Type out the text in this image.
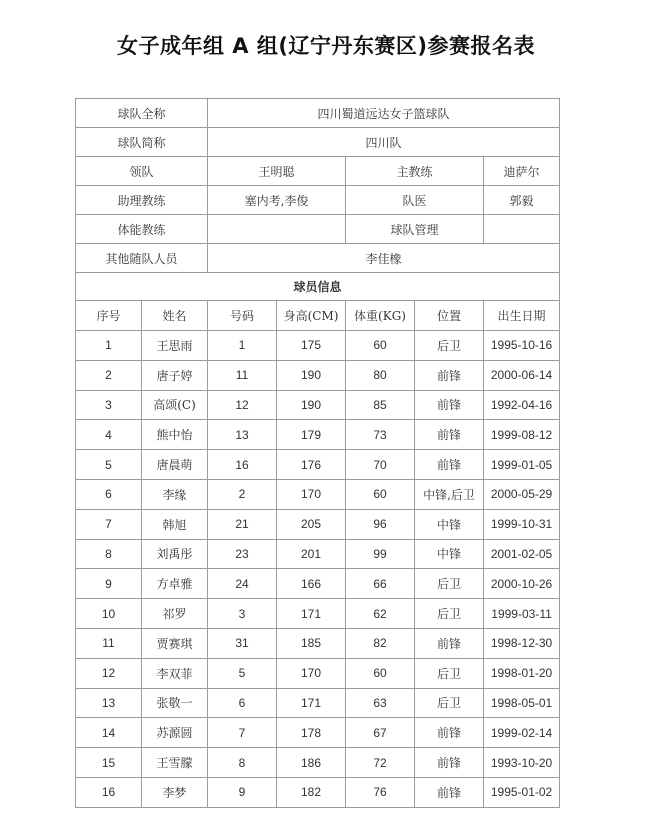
女子成年组 A 组(辽宁丹东赛区)参赛报名表
球队全称		四川蜀道远达女子篮球队				
球队简称		四川队				
领队		王明聪		主教练		迪萨尔
助理教练		塞内考,李俊		队医		郭毅
体能教练				球队管理		
其他随队人员		李佳橡				
球员信息						
序号	姓名	号码	身高(CM)	体重(KG)	位置	出生日期
1	王思雨	1	175	60	后卫	1995-10-16
2	唐子婷	11	190	80	前锋	2000-06-14
3	高颂(C)	12	190	85	前锋	1992-04-16
4	熊中怡	13	179	73	前锋	1999-08-12
5	唐晨萌	16	176	70	前锋	1999-01-05
6	李缘	2	170	60	中锋,后卫	2000-05-29
7	韩旭	21	205	96	中锋	1999-10-31
8	刘禹彤	23	201	99	中锋	2001-02-05
9	方卓雅	24	166	66	后卫	2000-10-26
10	祁罗	3	171	62	后卫	1999-03-11
11	贾赛琪	31	185	82	前锋	1998-12-30
12	李双菲	5	170	60	后卫	1998-01-20
13	张敬一	6	171	63	后卫	1998-05-01
14	苏源圆	7	178	67	前锋	1999-02-14
15	王雪朦	8	186	72	前锋	1993-10-20
16	李梦	9	182	76	前锋	1995-01-02
